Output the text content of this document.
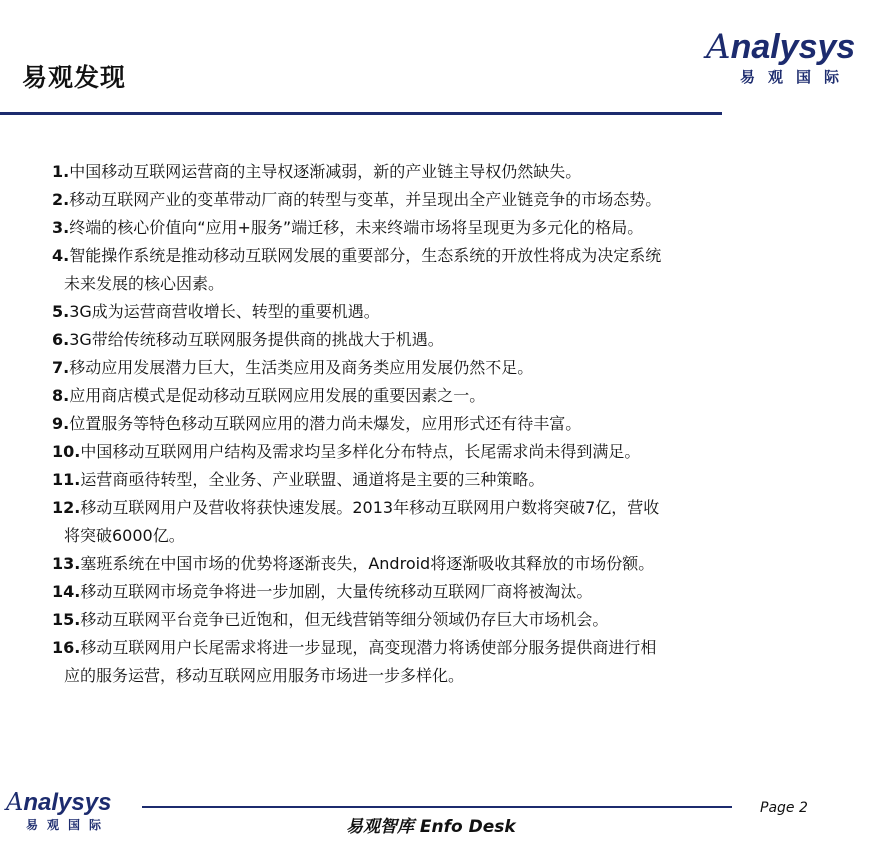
易观发现
Analysys
易观国际
1.中国移动互联网运营商的主导权逐渐减弱，新的产业链主导权仍然缺失。
2.移动互联网产业的变革带动厂商的转型与变革，并呈现出全产业链竞争的市场态势。
3.终端的核心价值向“应用+服务”端迁移，未来终端市场将呈现更为多元化的格局。
4.智能操作系统是推动移动互联网发展的重要部分，生态系统的开放性将成为决定系统
未来发展的核心因素。
5.3G成为运营商营收增长、转型的重要机遇。
6.3G带给传统移动互联网服务提供商的挑战大于机遇。
7.移动应用发展潜力巨大，生活类应用及商务类应用发展仍然不足。
8.应用商店模式是促动移动互联网应用发展的重要因素之一。
9.位置服务等特色移动互联网应用的潜力尚未爆发，应用形式还有待丰富。
10.中国移动互联网用户结构及需求均呈多样化分布特点，长尾需求尚未得到满足。
11.运营商亟待转型，全业务、产业联盟、通道将是主要的三种策略。
12.移动互联网用户及营收将获快速发展。2013年移动互联网用户数将突破7亿，营收
将突破6000亿。
13.塞班系统在中国市场的优势将逐渐丧失，Android将逐渐吸收其释放的市场份额。
14.移动互联网市场竞争将进一步加剧，大量传统移动互联网厂商将被淘汰。
15.移动互联网平台竞争已近饱和，但无线营销等细分领域仍存巨大市场机会。
16.移动互联网用户长尾需求将进一步显现，高变现潜力将诱使部分服务提供商进行相
应的服务运营，移动互联网应用服务市场进一步多样化。
Analysys
易观国际	易观智库 Enfo Desk
Page 2
